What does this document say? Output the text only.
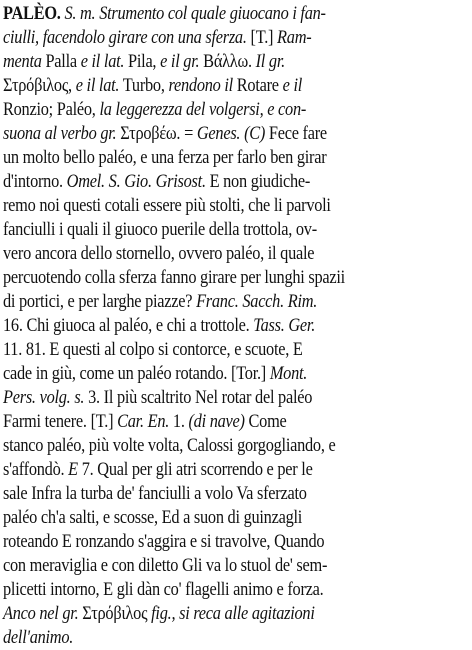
PALÈO. S. m. Strumento col quale giuocano i fan-
ciulli, facendolo girare con una sferza. [T.] Ram-
menta Palla e il lat. Pila, e il gr. Βάλλω. Il gr.
Στρόβιλος, e il lat. Turbo, rendono il Rotare e il
Ronzio; Paléo, la leggerezza del volgersi, e con-
suona al verbo gr. Στροβέω. = Genes. (C) Fece fare
un molto bello paléo, e una ferza per farlo ben girar
d'intorno. Omel. S. Gio. Grisost. E non giudiche-
remo noi questi cotali essere più stolti, che li parvoli
fanciulli i quali il giuoco puerile della trottola, ov-
vero ancora dello stornello, ovvero paléo, il quale
percuotendo colla sferza fanno girare per lunghi spazii
di portici, e per larghe piazze? Franc. Sacch. Rim.
16. Chi giuoca al paléo, e chi a trottole. Tass. Ger.
11. 81. E questi al colpo si contorce, e scuote, E
cade in giù, come un paléo rotando. [Tor.] Mont.
Pers. volg. s. 3. Il più scaltrito Nel rotar del paléo
Farmi tenere. [T.] Car. En. 1. (di nave) Come
stanco paléo, più volte volta, Calossi gorgogliando, e
s'affondò. E 7. Qual per gli atri scorrendo e per le
sale Infra la turba de' fanciulli a volo Va sferzato
paléo ch'a salti, e scosse, Ed a suon di guinzagli
roteando E ronzando s'aggira e si travolve, Quando
con meraviglia e con diletto Gli va lo stuol de' sem-
plicetti intorno, E gli dàn co' flagelli animo e forza.
Anco nel gr. Στρόβιλος fig., si reca alle agitazioni
dell'animo.
